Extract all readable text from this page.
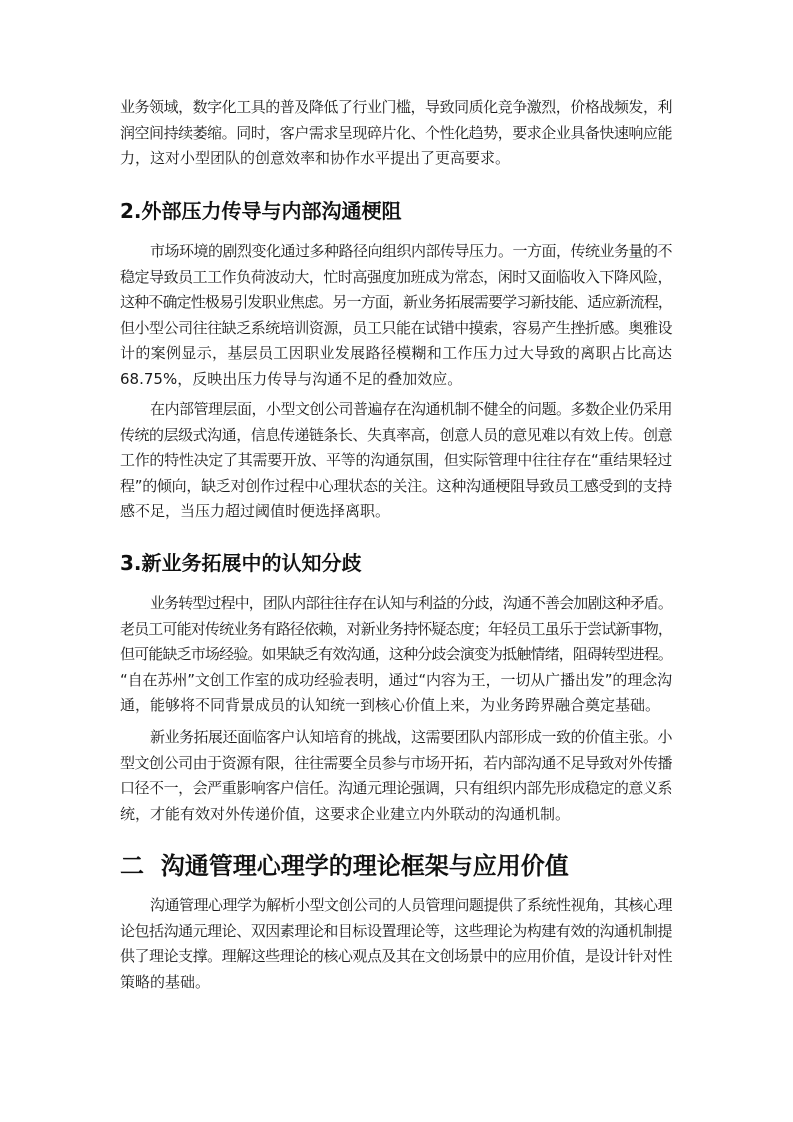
业务领域，数字化工具的普及降低了行业门槛，导致同质化竞争激烈，价格战频发，利
润空间持续萎缩。同时，客户需求呈现碎片化、个性化趋势，要求企业具备快速响应能
力，这对小型团队的创意效率和协作水平提出了更高要求。
2.外部压力传导与内部沟通梗阻
市场环境的剧烈变化通过多种路径向组织内部传导压力。一方面，传统业务量的不
稳定导致员工工作负荷波动大，忙时高强度加班成为常态，闲时又面临收入下降风险，
这种不确定性极易引发职业焦虑。另一方面，新业务拓展需要学习新技能、适应新流程，
但小型公司往往缺乏系统培训资源，员工只能在试错中摸索，容易产生挫折感。奥雅设
计的案例显示，基层员工因职业发展路径模糊和工作压力过大导致的离职占比高达
68.75%，反映出压力传导与沟通不足的叠加效应。
在内部管理层面，小型文创公司普遍存在沟通机制不健全的问题。多数企业仍采用
传统的层级式沟通，信息传递链条长、失真率高，创意人员的意见难以有效上传。创意
工作的特性决定了其需要开放、平等的沟通氛围，但实际管理中往往存在“重结果轻过
程”的倾向，缺乏对创作过程中心理状态的关注。这种沟通梗阻导致员工感受到的支持
感不足，当压力超过阈值时便选择离职。
3.新业务拓展中的认知分歧
业务转型过程中，团队内部往往存在认知与利益的分歧，沟通不善会加剧这种矛盾。
老员工可能对传统业务有路径依赖，对新业务持怀疑态度；年轻员工虽乐于尝试新事物，
但可能缺乏市场经验。如果缺乏有效沟通，这种分歧会演变为抵触情绪，阻碍转型进程。
“自在苏州”文创工作室的成功经验表明，通过“内容为王，一切从广播出发”的理念沟
通，能够将不同背景成员的认知统一到核心价值上来，为业务跨界融合奠定基础。
新业务拓展还面临客户认知培育的挑战，这需要团队内部形成一致的价值主张。小
型文创公司由于资源有限，往往需要全员参与市场开拓，若内部沟通不足导致对外传播
口径不一，会严重影响客户信任。沟通元理论强调，只有组织内部先形成稳定的意义系
统，才能有效对外传递价值，这要求企业建立内外联动的沟通机制。
二  沟通管理心理学的理论框架与应用价值
沟通管理心理学为解析小型文创公司的人员管理问题提供了系统性视角，其核心理
论包括沟通元理论、双因素理论和目标设置理论等，这些理论为构建有效的沟通机制提
供了理论支撑。理解这些理论的核心观点及其在文创场景中的应用价值，是设计针对性
策略的基础。
